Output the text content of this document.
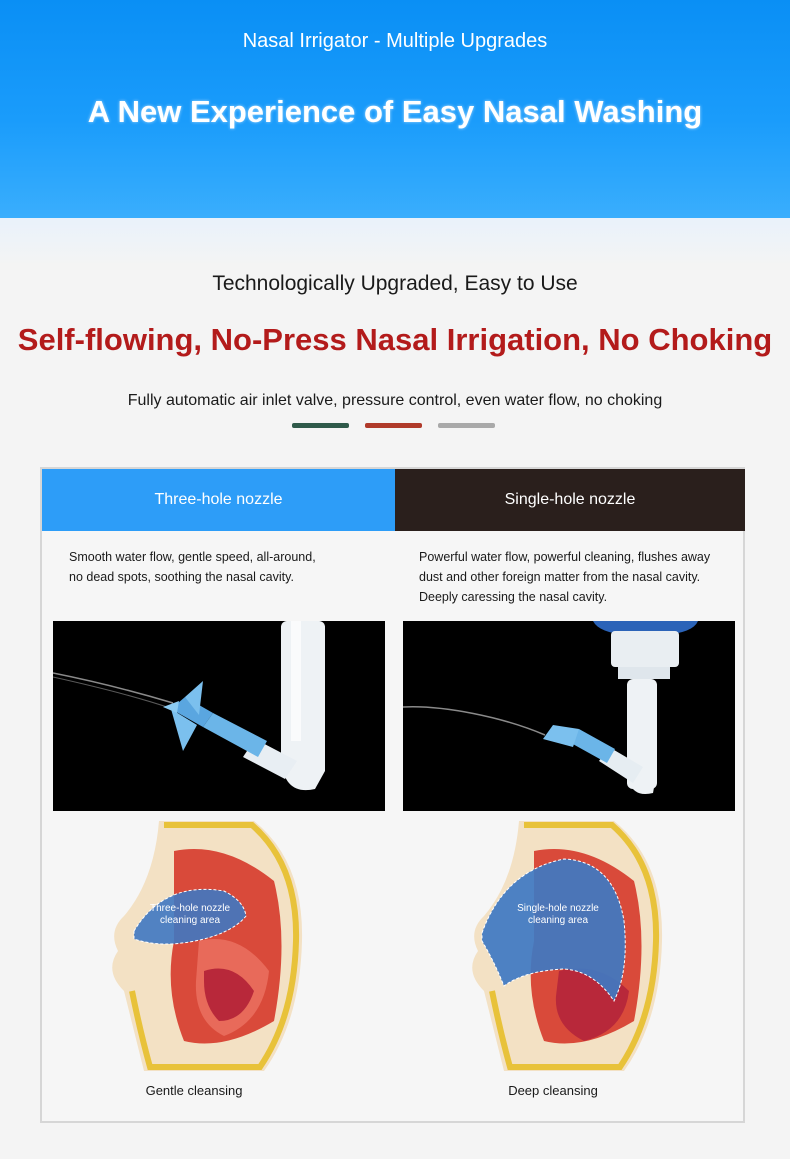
Nasal Irrigator - Multiple Upgrades
A New Experience of Easy Nasal Washing
Technologically Upgraded, Easy to Use
Self-flowing, No-Press Nasal Irrigation, No Choking
Fully automatic air inlet valve, pressure control, even water flow, no choking
Three-hole nozzle	Single-hole nozzle
Smooth water flow, gentle speed, all-around,
no dead spots, soothing the nasal cavity.
Powerful water flow, powerful cleaning, flushes away
dust and other foreign matter from the nasal cavity.
Deeply caressing the nasal cavity.
Three-hole nozzle
cleaning area
Single-hole nozzle
cleaning area
Gentle cleansing	Deep cleansing
